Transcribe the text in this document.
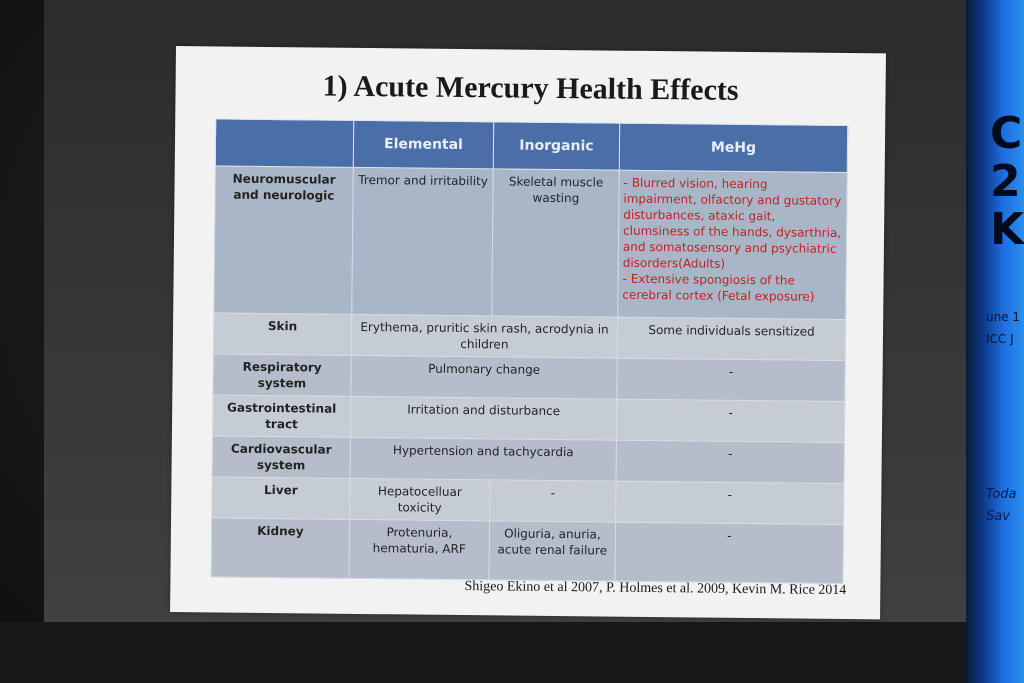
C
2
K
une 1
ICC J
Toda
Sav
1) Acute Mercury Health Effects
	Elemental	Inorganic	MeHg
Neuromuscular and neurologic	Tremor and irritability	Skeletal muscle wasting	- Blurred vision, hearing impairment, olfactory and gustatory disturbances, ataxic gait, clumsiness of the hands, dysarthria, and somatosensory and psychiatric disorders(Adults)
- Extensive spongiosis of the cerebral cortex (Fetal exposure)

Skin	Erythema, pruritic skin rash, acrodynia in children		Some individuals sensitized
Respiratory system	Pulmonary change		-
Gastrointestinal tract	Irritation and disturbance		-
Cardiovascular system	Hypertension and tachycardia		-
Liver	Hepatocelluar toxicity	-	-
Kidney	Protenuria, hematuria, ARF	Oliguria, anuria, acute renal failure	-
Shigeo Ekino et al 2007, P. Holmes et al. 2009, Kevin M. Rice 2014
